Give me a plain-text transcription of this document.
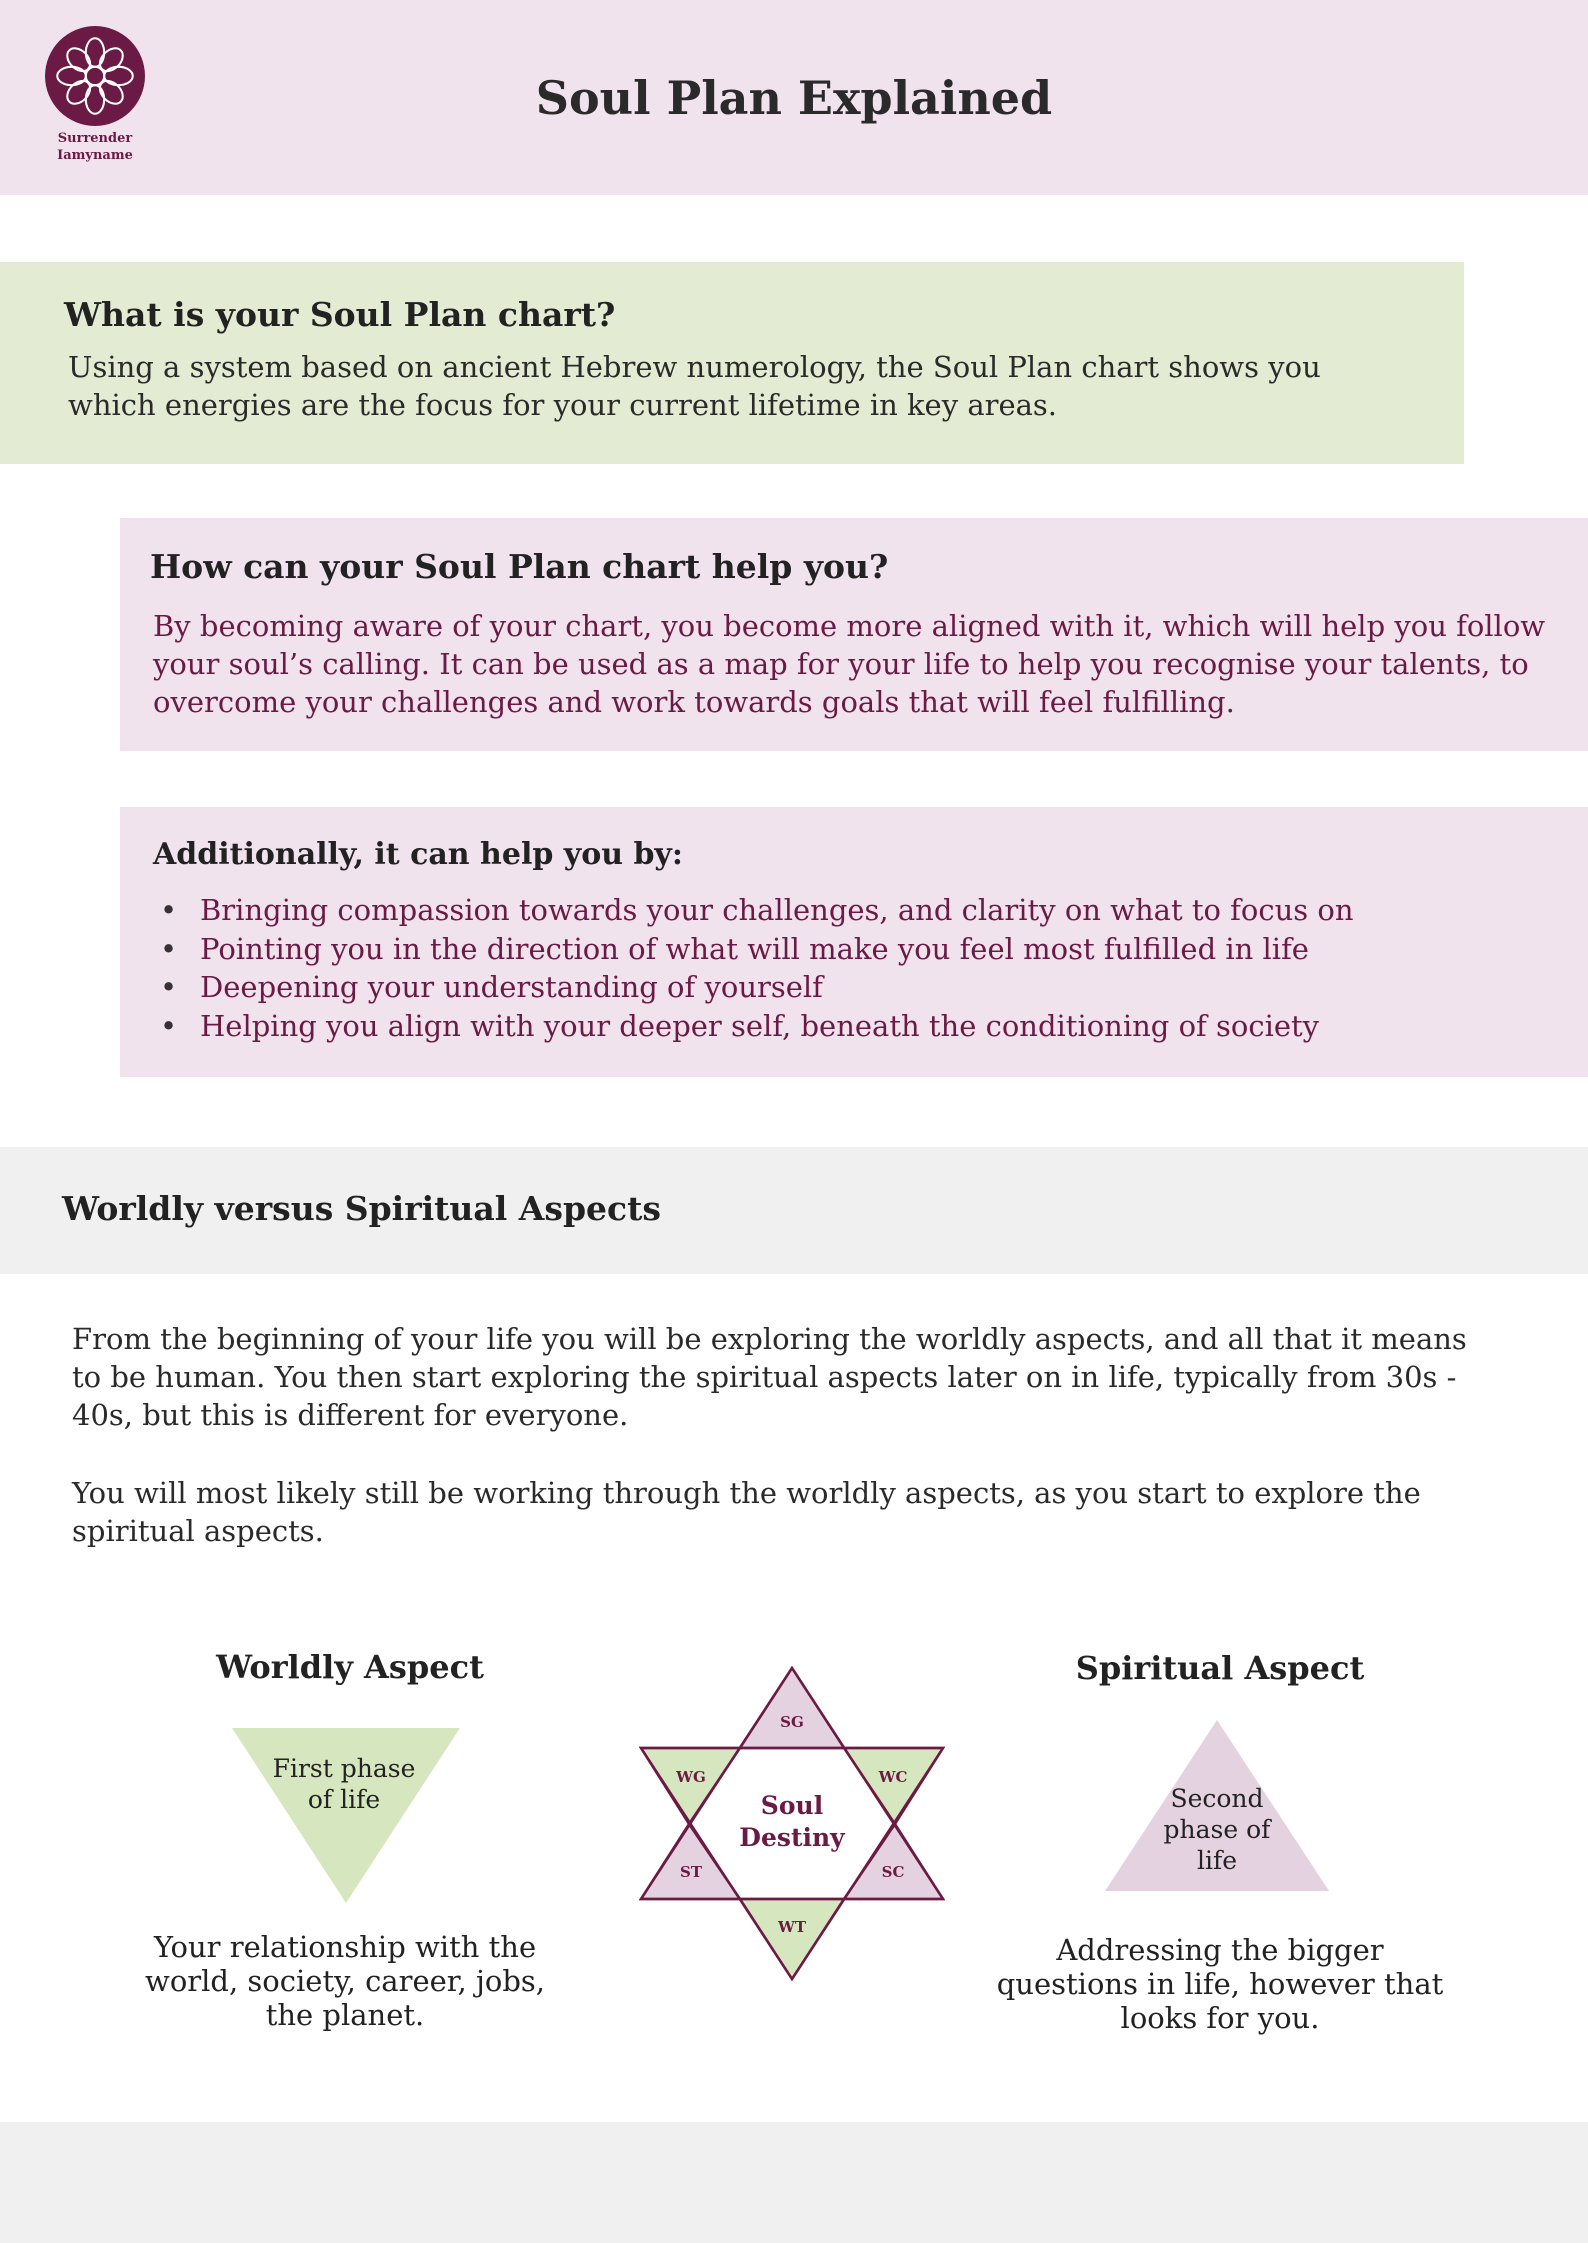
Surrender
Iamyname
Soul Plan Explained
What is your Soul Plan chart?
Using a system based on ancient Hebrew numerology, the Soul Plan chart shows you which energies are the focus for your current lifetime in key areas.
How can your Soul Plan chart help you?
By becoming aware of your chart, you become more aligned with it, which will help you follow your soul’s calling. It can be used as a map for your life to help you recognise your talents, to overcome your challenges and work towards goals that will feel fulfilling.
Additionally, it can help you by:
• Bringing compassion towards your challenges, and clarity on what to focus on
• Pointing you in the direction of what will make you feel most fulfilled in life
• Deepening your understanding of yourself
• Helping you align with your deeper self, beneath the conditioning of society
Worldly versus Spiritual Aspects
From the beginning of your life you will be exploring the worldly aspects, and all that it means to be human. You then start exploring the spiritual aspects later on in life, typically from 30s - 40s, but this is different for everyone.
You will most likely still be working through the worldly aspects, as you start to explore the spiritual aspects.
Worldly Aspect
First phase
of life
Your relationship with the world, society, career, jobs, the planet.
SG
WG	WC
ST	SC
WT
Soul
Destiny
Spiritual Aspect
Second
phase of
life
Addressing the bigger questions in life, however that looks for you.
